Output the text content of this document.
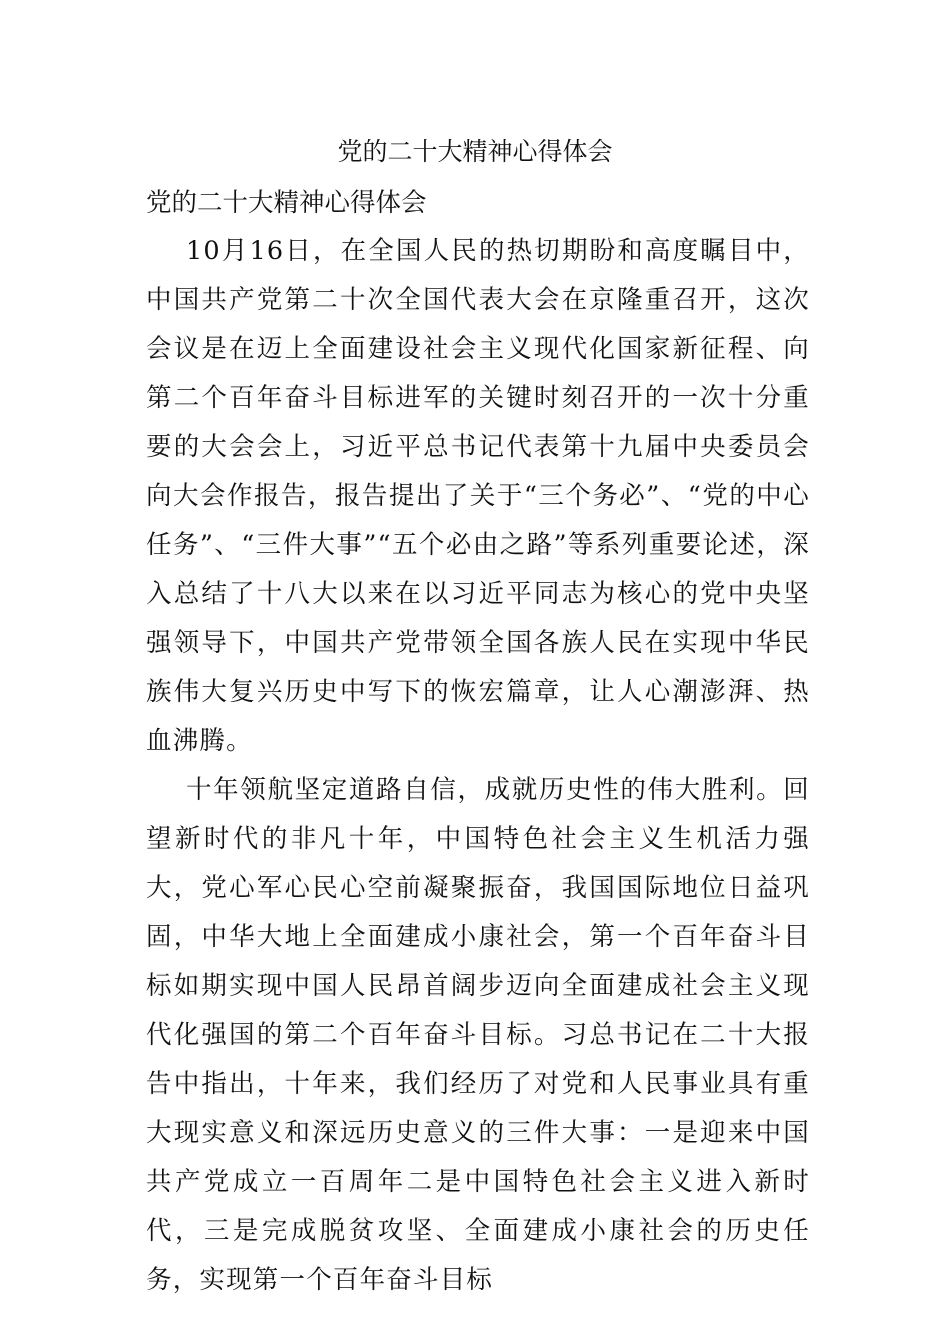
党的二十大精神心得体会
党的二十大精神心得体会

10月16日，在全国人民的热切期盼和高度瞩目中，中国共产党第二十次全国代表大会在京隆重召开，这次会议是在迈上全面建设社会主义现代化国家新征程、向第二个百年奋斗目标进军的关键时刻召开的一次十分重要的大会会上，习近平总书记代表第十九届中央委员会向大会作报告，报告提出了关于“三个务必”、“党的中心任务”、“三件大事”“五个必由之路”等系列重要论述，深入总结了十八大以来在以习近平同志为核心的党中央坚强领导下，中国共产党带领全国各族人民在实现中华民族伟大复兴历史中写下的恢宏篇章，让人心潮澎湃、热血沸腾。

十年领航坚定道路自信，成就历史性的伟大胜利。回望新时代的非凡十年，中国特色社会主义生机活力强大，党心军心民心空前凝聚振奋，我国国际地位日益巩固，中华大地上全面建成小康社会，第一个百年奋斗目标如期实现中国人民昂首阔步迈向全面建成社会主义现代化强国的第二个百年奋斗目标。习总书记在二十大报告中指出，十年来，我们经历了对党和人民事业具有重大现实意义和深远历史意义的三件大事：一是迎来中国共产党成立一百周年二是中国特色社会主义进入新时代，三是完成脱贫攻坚、全面建成小康社会的历史任务，实现第一个百年奋斗目标
